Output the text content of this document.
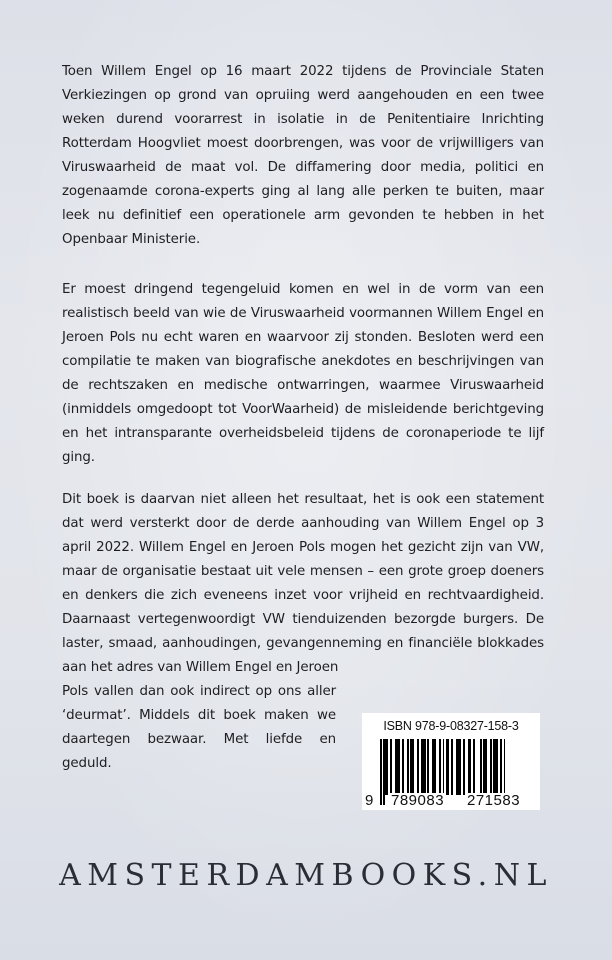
Toen Willem Engel op 16 maart 2022 tijdens de Provinciale Staten Verkiezingen op grond van opruiing werd aangehouden en een twee weken durend voorarrest in isolatie in de Penitentiaire Inrichting Rotterdam Hoogvliet moest doorbrengen, was voor de vrijwilligers van Viruswaarheid de maat vol. De diffamering door media, politici en zogenaamde corona-experts ging al lang alle perken te buiten, maar leek nu definitief een operationele arm gevonden te hebben in het Openbaar Ministerie.
Er moest dringend tegengeluid komen en wel in de vorm van een realistisch beeld van wie de Viruswaarheid voormannen Willem Engel en Jeroen Pols nu echt waren en waarvoor zij stonden. Besloten werd een compilatie te maken van biografische anekdotes en beschrijvingen van de rechtszaken en medische ontwarringen, waarmee Viruswaarheid (inmiddels omgedoopt tot VoorWaarheid) de misleidende berichtgeving en het intransparante overheidsbeleid tijdens de coronaperiode te lijf ging.
Dit boek is daarvan niet alleen het resultaat, het is ook een statement dat werd versterkt door de derde aanhouding van Willem Engel op 3 april 2022. Willem Engel en Jeroen Pols mogen het gezicht zijn van VW, maar de organisatie bestaat uit vele mensen – een grote groep doeners en denkers die zich eveneens inzet voor vrijheid en rechtvaardigheid. Daarnaast vertegenwoordigt VW tienduizenden bezorgde burgers. De laster, smaad, aanhoudingen, gevangenneming en financiële blokkades aan het adres van Willem Engel en Jeroen
Pols vallen dan ook indirect op ons aller ‘deurmat’. Middels dit boek maken we daartegen bezwaar. Met liefde en geduld.
ISBN 978-9-08327-158-3
9 789083 271583
AMSTERDAMBOOKS.NL
